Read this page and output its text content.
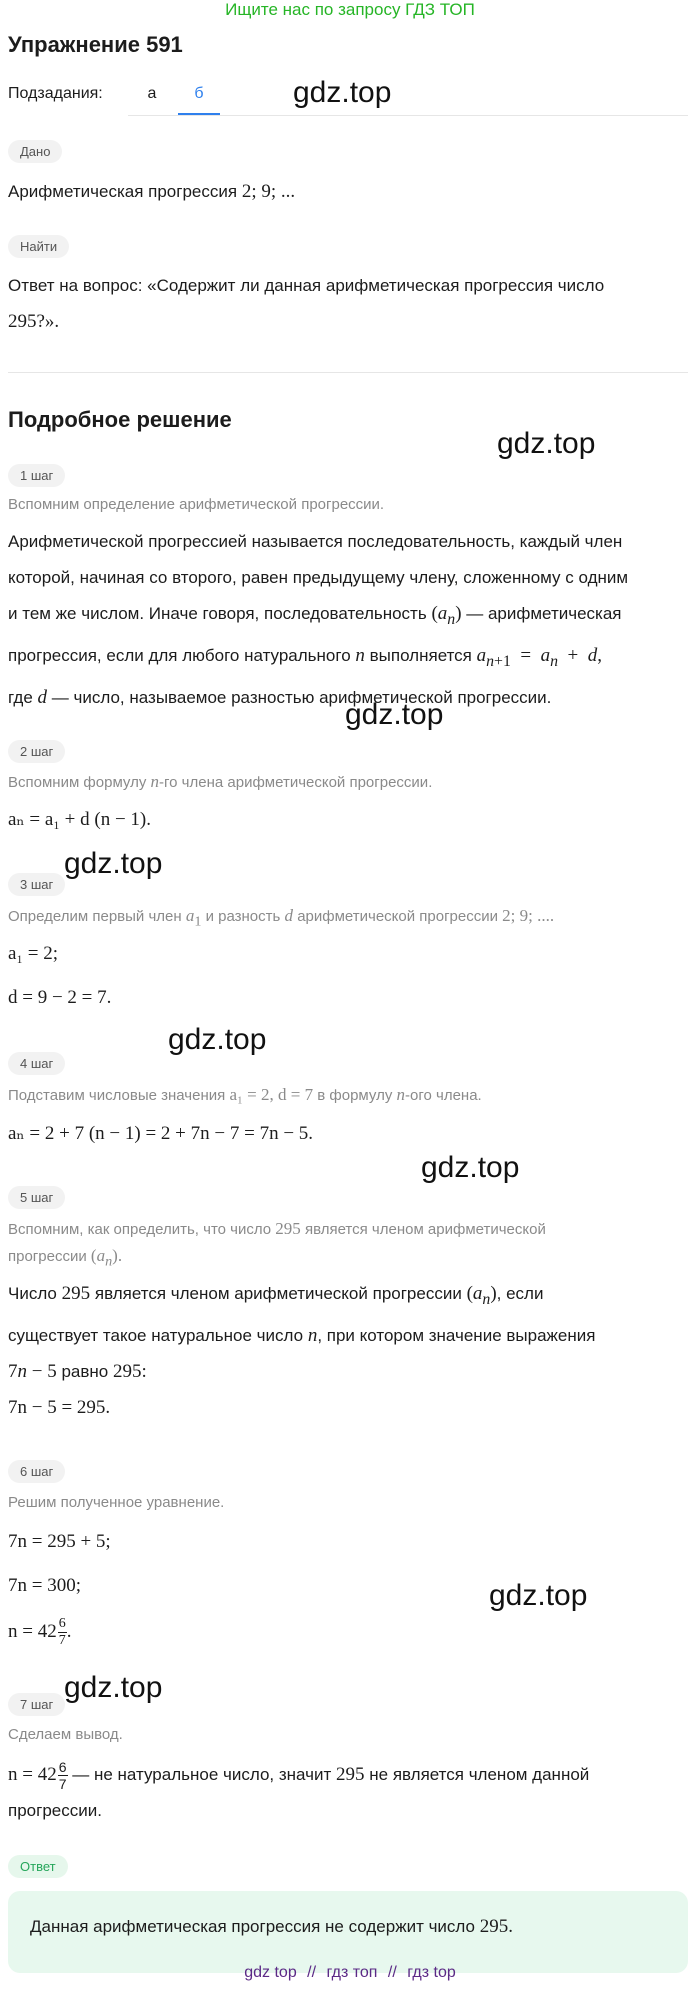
Ищите нас по запросу ГДЗ ТОП
Упражнение 591
Подзадания:	а	б	gdz.top
gdz.top
gdz.top
gdz.top
gdz.top
gdz.top
gdz.top
gdz.top
Дано
Арифметическая прогрессия 2; 9; ...
Найти
Ответ на вопрос: «Содержит ли данная арифметическая прогрессия число
295?».
Подробное решение
1 шаг
Вспомним определение арифметической прогрессии.
Арифметической прогрессией называется последовательность, каждый член
которой, начиная со второго, равен предыдущему члену, сложенному с одним
и тем же числом. Иначе говоря, последовательность $(a_n)$ — арифметическая
прогрессия, если для любого натурального n выполняется $a_{n+1} = a_n + d$,
где d — число, называемое разностью арифметической прогрессии.
2 шаг
Вспомним формулу n-го члена арифметической прогрессии.
aₙ = a₁ + d (n − 1).
3 шаг
Определим первый член $a_1$ и разность d арифметической прогрессии 2; 9; ....
a₁ = 2;
d = 9 − 2 = 7.
4 шаг
Подставим числовые значения a₁ = 2, d = 7 в формулу n-ого члена.
aₙ = 2 + 7 (n − 1) = 2 + 7n − 7 = 7n − 5.
5 шаг
Вспомним, как определить, что число 295 является членом арифметической
прогрессии $(a_n)$.
Число 295 является членом арифметической прогрессии $(a_n)$, если
существует такое натуральное число n, при котором значение выражения
7n − 5 равно 295:
7n − 5 = 295.
6 шаг
Решим полученное уравнение.
7n = 295 + 5;
7n = 300;
$n = 42 \frac{6}{7}$ .
7 шаг
Сделаем вывод.
$n = 42 \frac{6}{7}$ — не натуральное число, значит 295 не является членом данной
прогрессии.
Ответ
Данная арифметическая прогрессия не содержит число 295.
gdz top // гдз топ // гдз top
